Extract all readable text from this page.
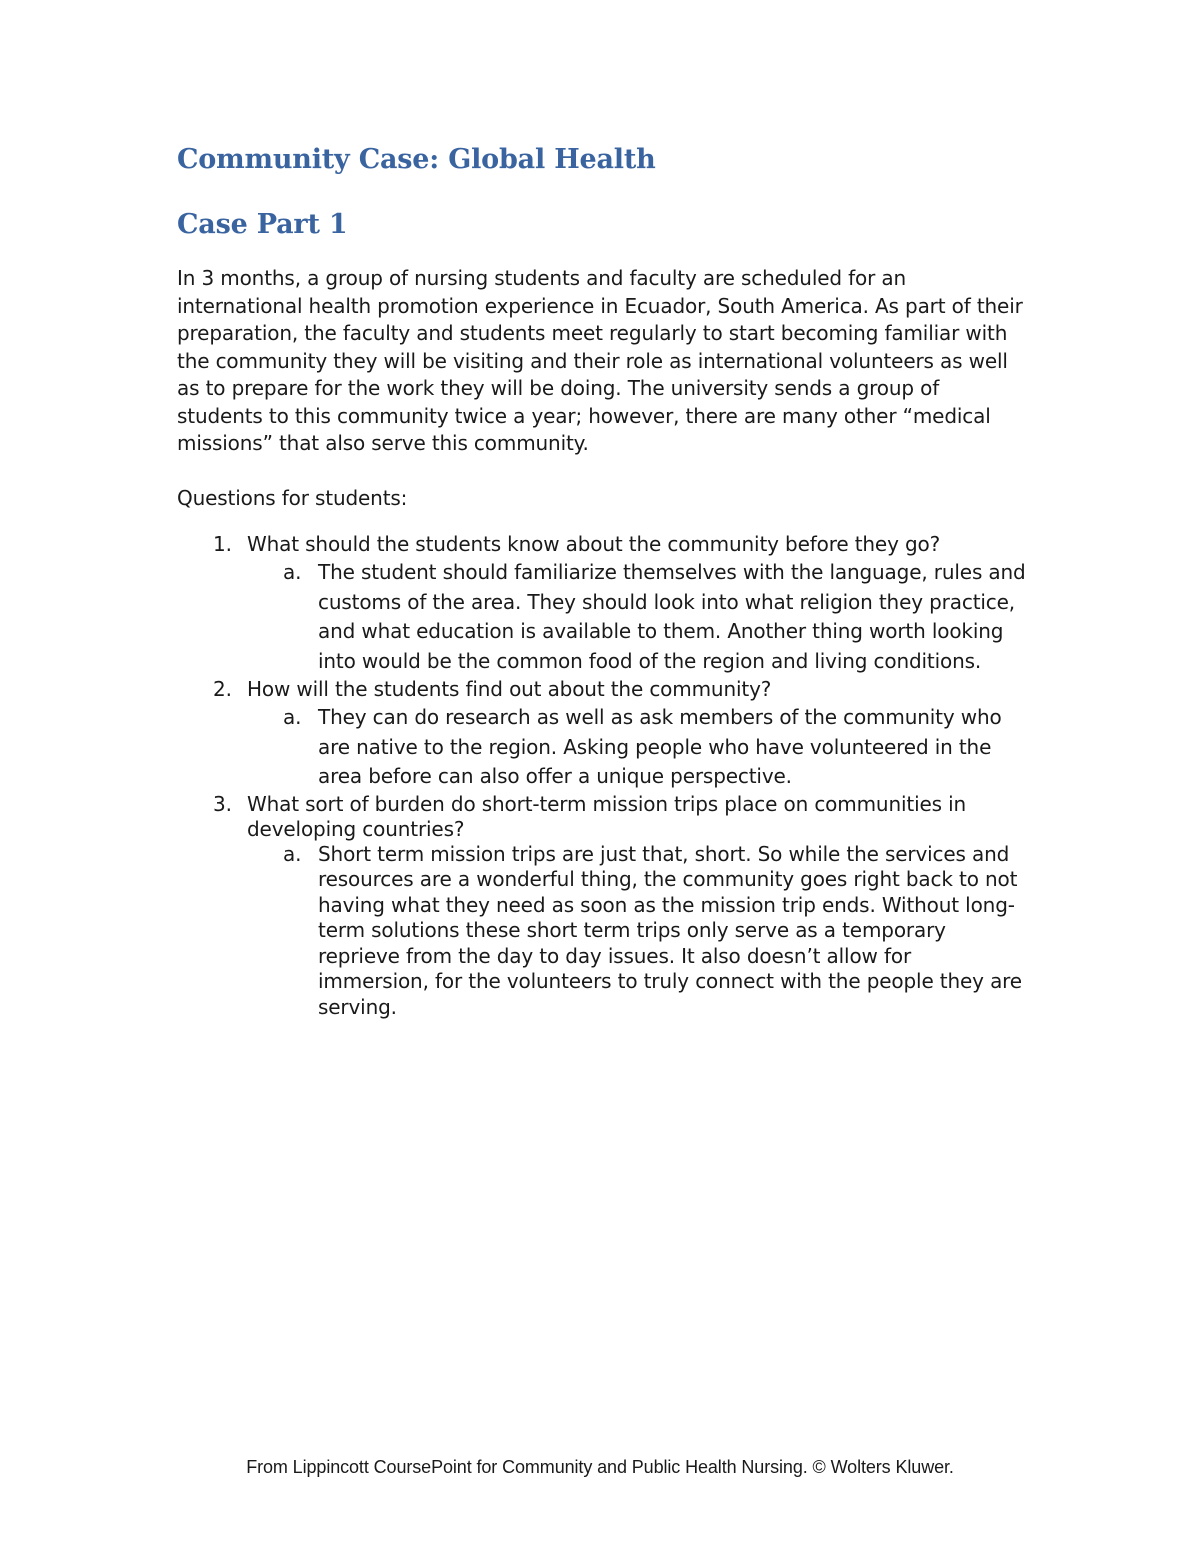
Community Case: Global Health
Case Part 1

In 3 months, a group of nursing students and faculty are scheduled for an international health promotion experience in Ecuador, South America. As part of their preparation, the faculty and students meet regularly to start becoming familiar with the community they will be visiting and their role as international volunteers as well as to prepare for the work they will be doing. The university sends a group of students to this community twice a year; however, there are many other “medical missions” that also serve this community.

Questions for students:

1. What should the students know about the community before they go?
a. The student should familiarize themselves with the language, rules and customs of the area. They should look into what religion they practice, and what education is available to them. Another thing worth looking into would be the common food of the region and living conditions.
2. How will the students find out about the community?
a. They can do research as well as ask members of the community who are native to the region. Asking people who have volunteered in the area before can also offer a unique perspective.
3. What sort of burden do short-term mission trips place on communities in developing countries?
a. Short term mission trips are just that, short. So while the services and resources are a wonderful thing, the community goes right back to not having what they need as soon as the mission trip ends. Without long-term solutions these short term trips only serve as a temporary reprieve from the day to day issues. It also doesn’t allow for immersion, for the volunteers to truly connect with the people they are serving.
From Lippincott CoursePoint for Community and Public Health Nursing. © Wolters Kluwer.
